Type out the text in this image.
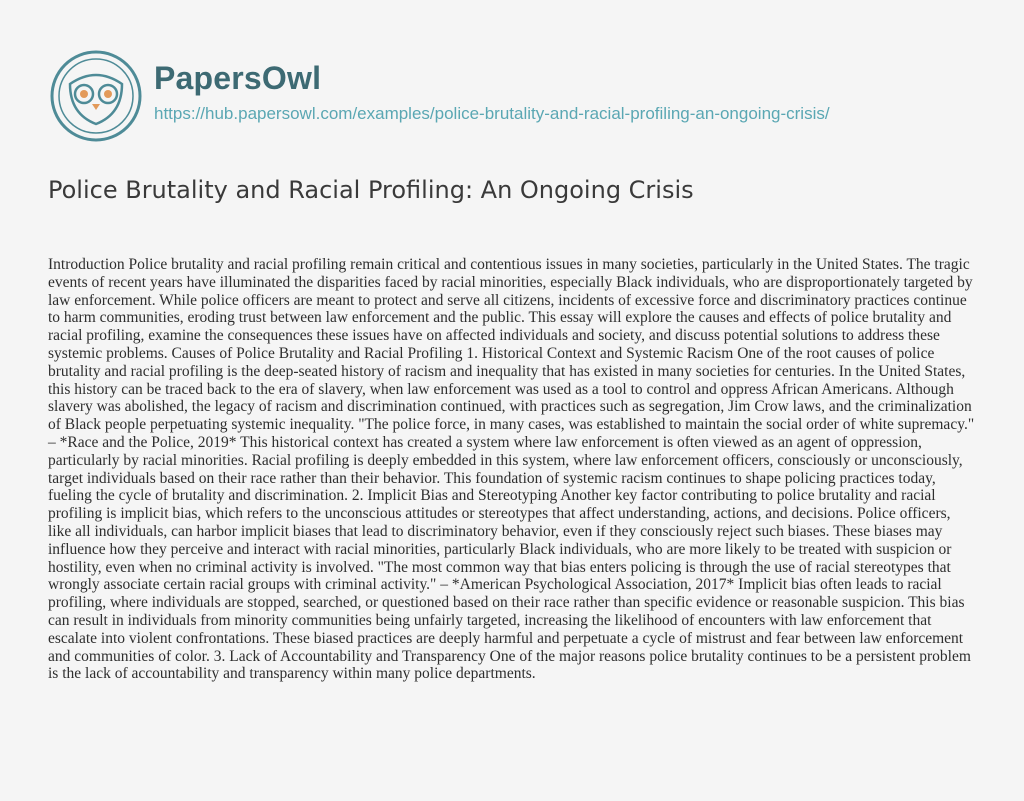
PapersOwl
https://hub.papersowl.com/examples/police-brutality-and-racial-profiling-an-ongoing-crisis/
Police Brutality and Racial Profiling: An Ongoing Crisis

Introduction Police brutality and racial profiling remain critical and contentious issues in many societies, particularly in the United States. The tragic events of recent years have illuminated the disparities faced by racial minorities, especially Black individuals, who are disproportionately targeted by law enforcement. While police officers are meant to protect and serve all citizens, incidents of excessive force and discriminatory practices continue to harm communities, eroding trust between law enforcement and the public. This essay will explore the causes and effects of police brutality and racial profiling, examine the consequences these issues have on affected individuals and society, and discuss potential solutions to address these systemic problems. Causes of Police Brutality and Racial Profiling 1. Historical Context and Systemic Racism One of the root causes of police brutality and racial profiling is the deep-seated history of racism and inequality that has existed in many societies for centuries. In the United States, this history can be traced back to the era of slavery, when law enforcement was used as a tool to control and oppress African Americans. Although slavery was abolished, the legacy of racism and discrimination continued, with practices such as segregation, Jim Crow laws, and the criminalization of Black people perpetuating systemic inequality. "The police force, in many cases, was established to maintain the social order of white supremacy." – *Race and the Police, 2019* This historical context has created a system where law enforcement is often viewed as an agent of oppression, particularly by racial minorities. Racial profiling is deeply embedded in this system, where law enforcement officers, consciously or unconsciously, target individuals based on their race rather than their behavior. This foundation of systemic racism continues to shape policing practices today, fueling the cycle of brutality and discrimination. 2. Implicit Bias and Stereotyping Another key factor contributing to police brutality and racial profiling is implicit bias, which refers to the unconscious attitudes or stereotypes that affect understanding, actions, and decisions. Police officers, like all individuals, can harbor implicit biases that lead to discriminatory behavior, even if they consciously reject such biases. These biases may influence how they perceive and interact with racial minorities, particularly Black individuals, who are more likely to be treated with suspicion or hostility, even when no criminal activity is involved. "The most common way that bias enters policing is through the use of racial stereotypes that wrongly associate certain racial groups with criminal activity." – *American Psychological Association, 2017* Implicit bias often leads to racial profiling, where individuals are stopped, searched, or questioned based on their race rather than specific evidence or reasonable suspicion. This bias can result in individuals from minority communities being unfairly targeted, increasing the likelihood of encounters with law enforcement that escalate into violent confrontations. These biased practices are deeply harmful and perpetuate a cycle of mistrust and fear between law enforcement and communities of color. 3. Lack of Accountability and Transparency One of the major reasons police brutality continues to be a persistent problem is the lack of accountability and transparency within many police departments.
